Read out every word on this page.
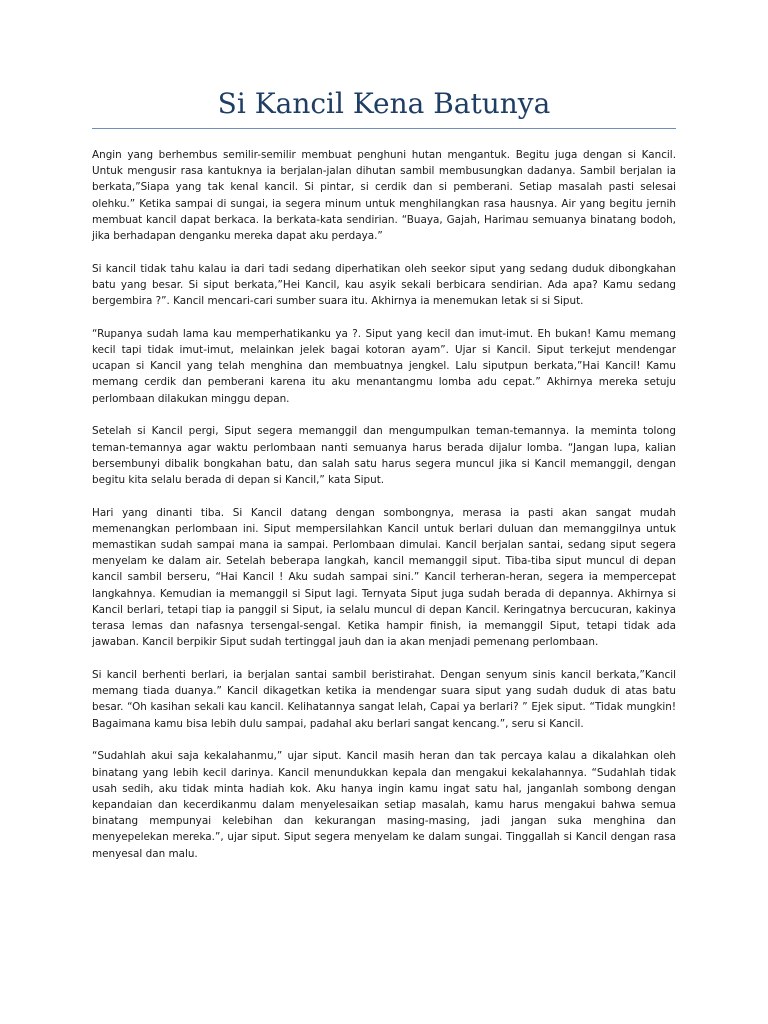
Si Kancil Kena Batunya

Angin yang berhembus semilir-semilir membuat penghuni hutan mengantuk. Begitu juga dengan si Kancil. Untuk mengusir rasa kantuknya ia berjalan-jalan dihutan sambil membusungkan dadanya. Sambil berjalan ia berkata,”Siapa yang tak kenal kancil. Si pintar, si cerdik dan si pemberani. Setiap masalah pasti selesai olehku.” Ketika sampai di sungai, ia segera minum untuk menghilangkan rasa hausnya. Air yang begitu jernih membuat kancil dapat berkaca. Ia berkata-kata sendirian. “Buaya, Gajah, Harimau semuanya binatang bodoh, jika berhadapan denganku mereka dapat aku perdaya.”

Si kancil tidak tahu kalau ia dari tadi sedang diperhatikan oleh seekor siput yang sedang duduk dibongkahan batu yang besar. Si siput berkata,”Hei Kancil, kau asyik sekali berbicara sendirian. Ada apa? Kamu sedang bergembira ?”. Kancil mencari-cari sumber suara itu. Akhirnya ia menemukan letak si si Siput.

“Rupanya sudah lama kau memperhatikanku ya ?. Siput yang kecil dan imut-imut. Eh bukan! Kamu memang kecil tapi tidak imut-imut, melainkan jelek bagai kotoran ayam”. Ujar si Kancil. Siput terkejut mendengar ucapan si Kancil yang telah menghina dan membuatnya jengkel. Lalu siputpun berkata,”Hai Kancil! Kamu memang cerdik dan pemberani karena itu aku menantangmu lomba adu cepat.” Akhirnya mereka setuju perlombaan dilakukan minggu depan.

Setelah si Kancil pergi, Siput segera memanggil dan mengumpulkan teman-temannya. Ia meminta tolong teman-temannya agar waktu perlombaan nanti semuanya harus berada dijalur lomba. “Jangan lupa, kalian bersembunyi dibalik bongkahan batu, dan salah satu harus segera muncul jika si Kancil memanggil, dengan begitu kita selalu berada di depan si Kancil,” kata Siput.

Hari yang dinanti tiba. Si Kancil datang dengan sombongnya, merasa ia pasti akan sangat mudah memenangkan perlombaan ini. Siput mempersilahkan Kancil untuk berlari duluan dan memanggilnya untuk memastikan sudah sampai mana ia sampai. Perlombaan dimulai. Kancil berjalan santai, sedang siput segera menyelam ke dalam air. Setelah beberapa langkah, kancil memanggil siput. Tiba-tiba siput muncul di depan kancil sambil berseru, “Hai Kancil ! Aku sudah sampai sini.” Kancil terheran-heran, segera ia mempercepat langkahnya. Kemudian ia memanggil si Siput lagi. Ternyata Siput juga sudah berada di depannya. Akhirnya si Kancil berlari, tetapi tiap ia panggil si Siput, ia selalu muncul di depan Kancil. Keringatnya bercucuran, kakinya terasa lemas dan nafasnya tersengal-sengal. Ketika hampir finish, ia memanggil Siput, tetapi tidak ada jawaban. Kancil berpikir Siput sudah tertinggal jauh dan ia akan menjadi pemenang perlombaan.

Si kancil berhenti berlari, ia berjalan santai sambil beristirahat. Dengan senyum sinis kancil berkata,”Kancil memang tiada duanya.” Kancil dikagetkan ketika ia mendengar suara siput yang sudah duduk di atas batu besar. “Oh kasihan sekali kau kancil. Kelihatannya sangat lelah, Capai ya berlari? ” Ejek siput. “Tidak mungkin! Bagaimana kamu bisa lebih dulu sampai, padahal aku berlari sangat kencang.”, seru si Kancil.

“Sudahlah akui saja kekalahanmu,” ujar siput. Kancil masih heran dan tak percaya kalau a dikalahkan oleh binatang yang lebih kecil darinya. Kancil menundukkan kepala dan mengakui kekalahannya. “Sudahlah tidak usah sedih, aku tidak minta hadiah kok. Aku hanya ingin kamu ingat satu hal, janganlah sombong dengan kepandaian dan kecerdikanmu dalam menyelesaikan setiap masalah, kamu harus mengakui bahwa semua binatang mempunyai kelebihan dan kekurangan masing-masing, jadi jangan suka menghina dan menyepelekan mereka.”, ujar siput. Siput segera menyelam ke dalam sungai. Tinggallah si Kancil dengan rasa menyesal dan malu.
